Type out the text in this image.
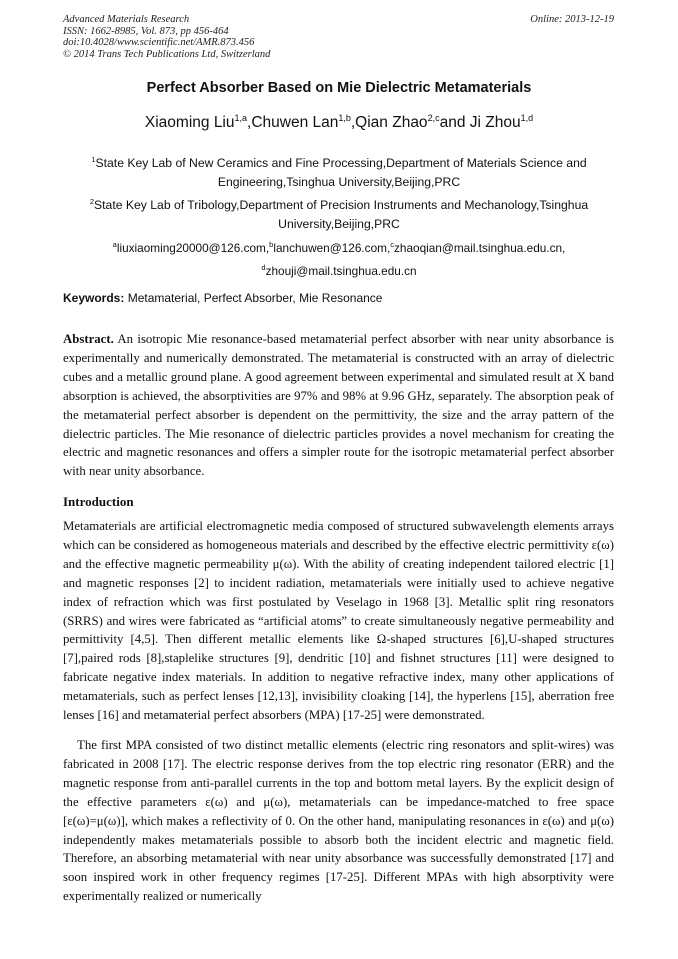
Advanced Materials Research
ISSN: 1662-8985, Vol. 873, pp 456-464
doi:10.4028/www.scientific.net/AMR.873.456
© 2014 Trans Tech Publications Ltd, Switzerland
Online: 2013-12-19
Perfect Absorber Based on Mie Dielectric Metamaterials
Xiaoming Liu$^{1,a}$,Chuwen Lan$^{1,b}$,Qian Zhao$^{2,c}$and Ji Zhou$^{1,d}$
$^1$State Key Lab of New Ceramics and Fine Processing,Department of Materials Science and Engineering,Tsinghua University,Beijing,PRC
$^2$State Key Lab of Tribology,Department of Precision Instruments and Mechanology,Tsinghua University,Beijing,PRC
$^a$liuxiaoming20000@126.com,$^b$lanchuwen@126.com,$^c$zhaoqian@mail.tsinghua.edu.cn,
$^d$zhouji@mail.tsinghua.edu.cn
Keywords: Metamaterial, Perfect Absorber, Mie Resonance
Abstract. An isotropic Mie resonance-based metamaterial perfect absorber with near unity absorbance is experimentally and numerically demonstrated. The metamaterial is constructed with an array of dielectric cubes and a metallic ground plane. A good agreement between experimental and simulated result at X band absorption is achieved, the absorptivities are 97% and 98% at 9.96 GHz, separately. The absorption peak of the metamaterial perfect absorber is dependent on the permittivity, the size and the array pattern of the dielectric particles. The Mie resonance of dielectric particles provides a novel mechanism for creating the electric and magnetic resonances and offers a simpler route for the isotropic metamaterial perfect absorber with near unity absorbance.
Introduction
Metamaterials are artificial electromagnetic media composed of structured subwavelength elements arrays which can be considered as homogeneous materials and described by the effective electric permittivity ε(ω) and the effective magnetic permeability μ(ω). With the ability of creating independent tailored electric [1] and magnetic responses [2] to incident radiation, metamaterials were initially used to achieve negative index of refraction which was first postulated by Veselago in 1968 [3]. Metallic split ring resonators (SRRS) and wires were fabricated as “artificial atoms” to create simultaneously negative permeability and permittivity [4,5]. Then different metallic elements like Ω-shaped structures [6],U-shaped structures [7],paired rods [8],staplelike structures [9], dendritic [10] and fishnet structures [11] were designed to fabricate negative index materials. In addition to negative refractive index, many other applications of metamaterials, such as perfect lenses [12,13], invisibility cloaking [14], the hyperlens [15], aberration free lenses [16] and metamaterial perfect absorbers (MPA) [17-25] were demonstrated.
The first MPA consisted of two distinct metallic elements (electric ring resonators and split-wires) was fabricated in 2008 [17]. The electric response derives from the top electric ring resonator (ERR) and the magnetic response from anti-parallel currents in the top and bottom metal layers. By the explicit design of the effective parameters ε(ω) and μ(ω), metamaterials can be impedance-matched to free space [ε(ω)=μ(ω)], which makes a reflectivity of 0. On the other hand, manipulating resonances in ε(ω) and μ(ω) independently makes metamaterials possible to absorb both the incident electric and magnetic field. Therefore, an absorbing metamaterial with near unity absorbance was successfully demonstrated [17] and soon inspired work in other frequency regimes [17-25]. Different MPAs with high absorptivity were experimentally realized or numerically
